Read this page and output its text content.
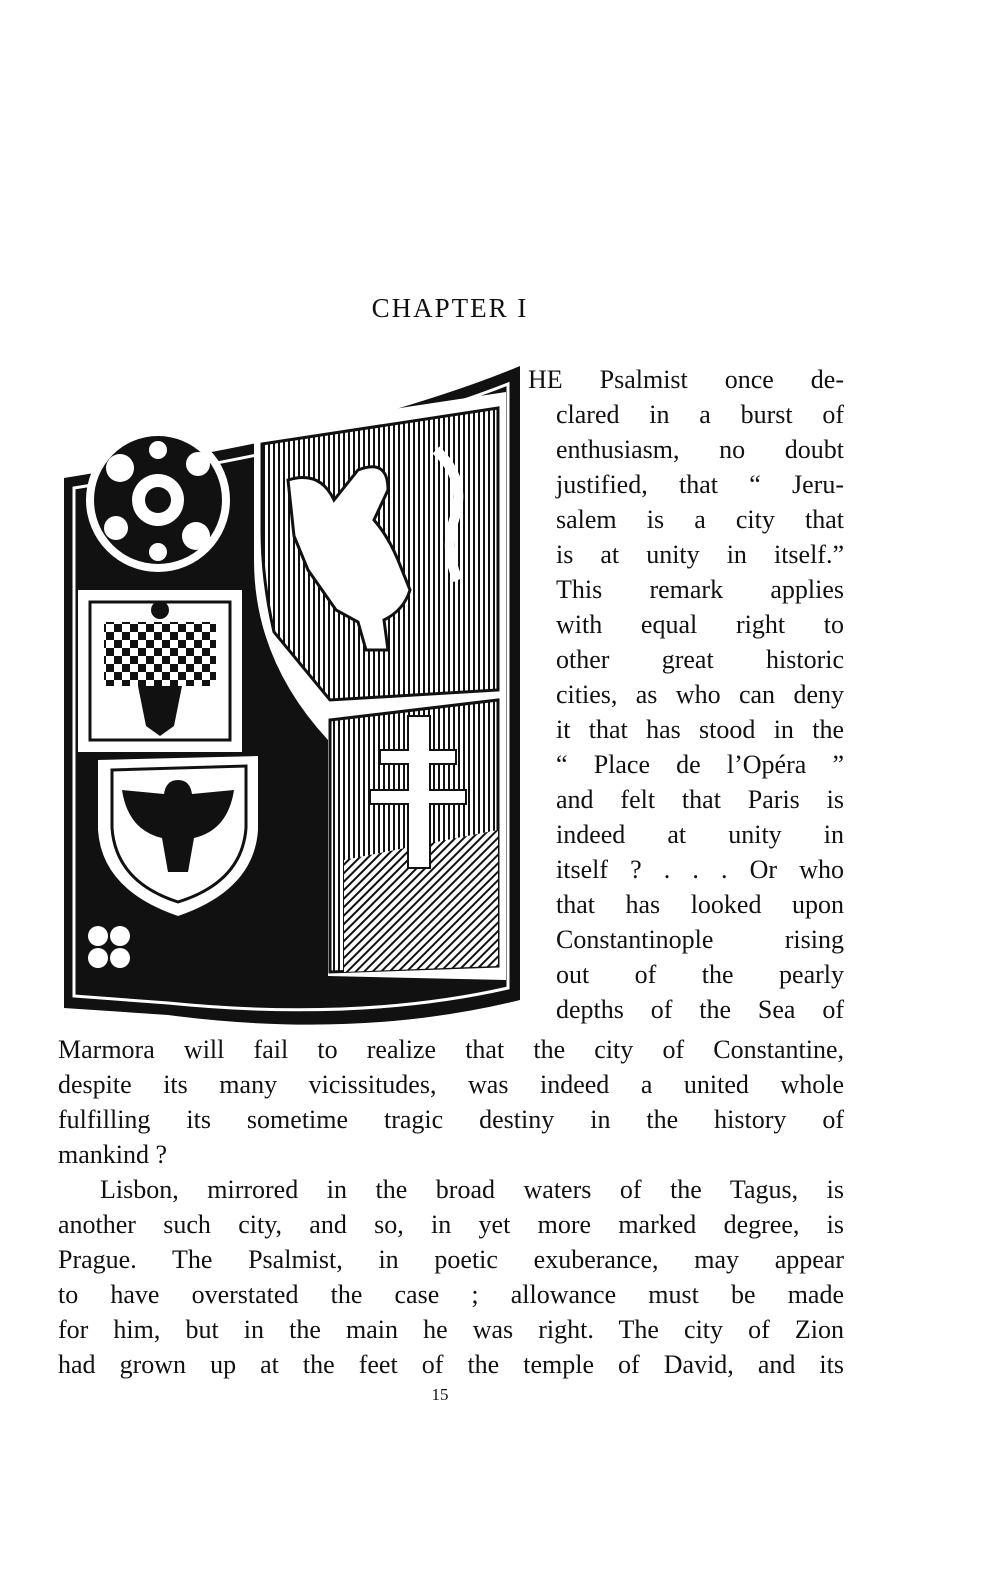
CHAPTER I
BSB

HE Psalmist once de-

clared in a burst of

enthusiasm, no doubt

justified, that “ Jeru-

salem is a city that

is at unity in itself.”

This remark applies

with equal right to

other great historic

cities, as who can deny

it that has stood in the

“ Place de l’Opéra ”

and felt that Paris is

indeed at unity in

itself ? . . . Or who

that has looked upon

Constantinople rising

out of the pearly

depths of the Sea of

Marmora will fail to realize that the city of Constantine,

despite its many vicissitudes, was indeed a united whole

fulfilling its sometime tragic destiny in the history of

mankind ?

Lisbon, mirrored in the broad waters of the Tagus, is

another such city, and so, in yet more marked degree, is

Prague. The Psalmist, in poetic exuberance, may appear

to have overstated the case ; allowance must be made

for him, but in the main he was right. The city of Zion

had grown up at the feet of the temple of David, and its

15
